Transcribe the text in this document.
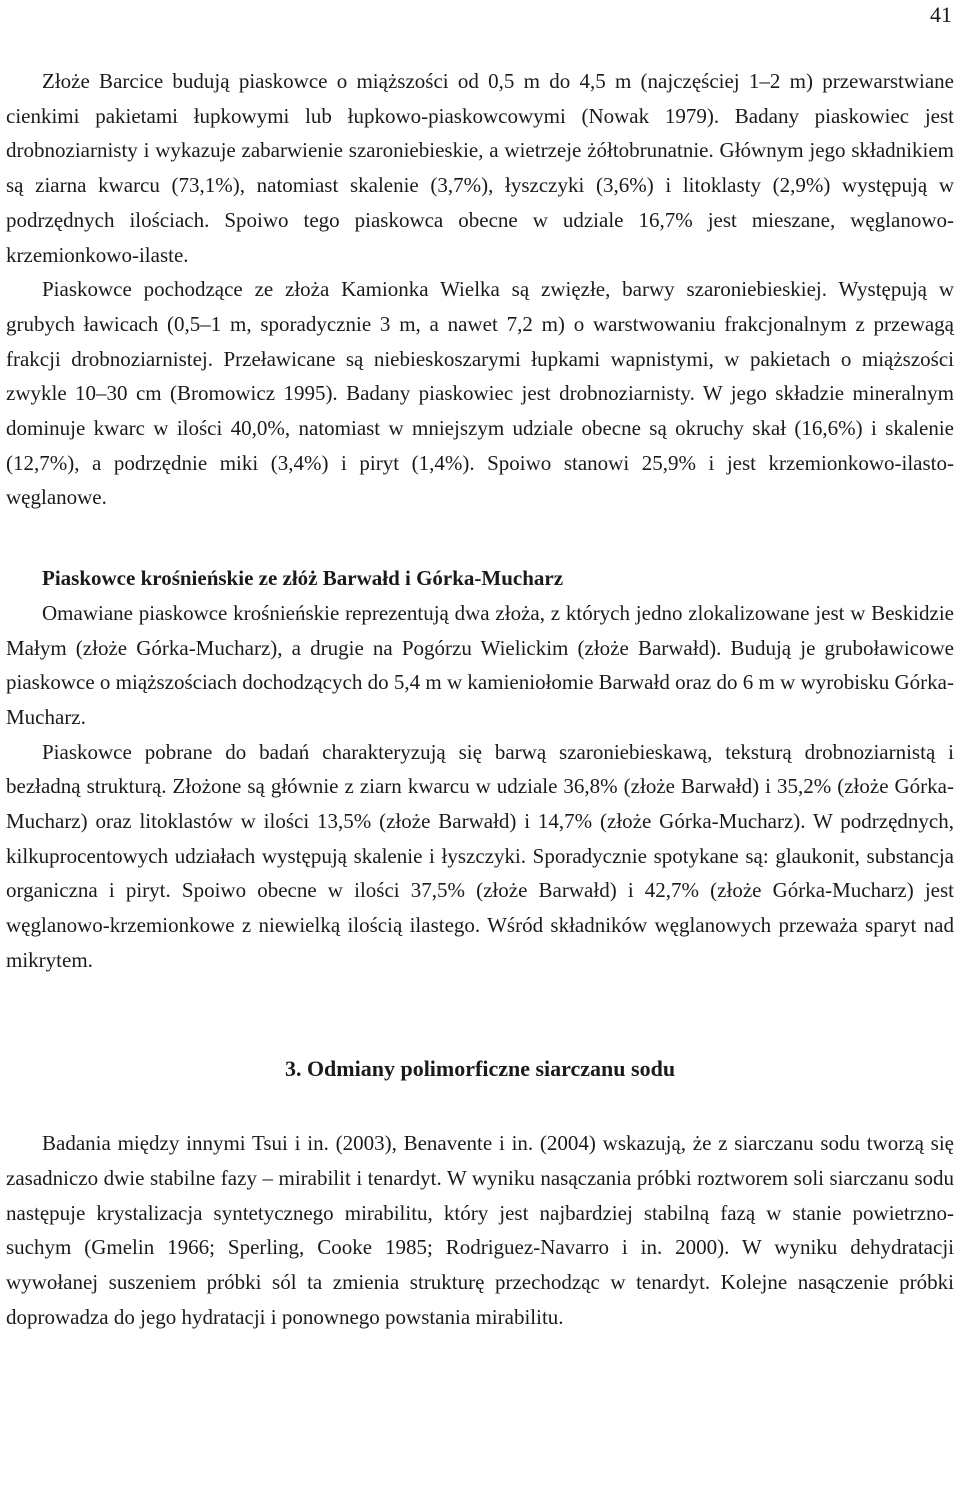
41

Złoże Barcice budują piaskowce o miąższości od 0,5 m do 4,5 m (najczęściej 1–2 m) przewarstwiane cienkimi pakietami łupkowymi lub łupkowo-piaskowcowymi (Nowak 1979). Badany piaskowiec jest drobnoziarnisty i wykazuje zabarwienie szaroniebieskie, a wietrzeje żółtobrunatnie. Głównym jego składnikiem są ziarna kwarcu (73,1%), natomiast skalenie (3,7%), łyszczyki (3,6%) i litoklasty (2,9%) występują w podrzędnych ilościach. Spoiwo tego piaskowca obecne w udziale 16,7% jest mieszane, węglanowo-krzemionkowo-ilaste.

Piaskowce pochodzące ze złoża Kamionka Wielka są zwięzłe, barwy szaroniebieskiej. Występują w grubych ławicach (0,5–1 m, sporadycznie 3 m, a nawet 7,2 m) o warstwowaniu frakcjonalnym z przewagą frakcji drobnoziarnistej. Przeławicane są niebieskoszarymi łupkami wapnistymi, w pakietach o miąższości zwykle 10–30 cm (Bromowicz 1995). Badany piaskowiec jest drobnoziarnisty. W jego składzie mineralnym dominuje kwarc w ilości 40,0%, natomiast w mniejszym udziale obecne są okruchy skał (16,6%) i skalenie (12,7%), a podrzędnie miki (3,4%) i piryt (1,4%). Spoiwo stanowi 25,9% i jest krzemionkowo-ilasto-węglanowe.

Piaskowce krośnieńskie ze złóż Barwałd i Górka-Mucharz

Omawiane piaskowce krośnieńskie reprezentują dwa złoża, z których jedno zlokalizowane jest w Beskidzie Małym (złoże Górka-Mucharz), a drugie na Pogórzu Wielickim (złoże Barwałd). Budują je gruboławicowe piaskowce o miąższościach dochodzących do 5,4 m w kamieniołomie Barwałd oraz do 6 m w wyrobisku Górka-Mucharz.

Piaskowce pobrane do badań charakteryzują się barwą szaroniebieskawą, teksturą drobnoziarnistą i bezładną strukturą. Złożone są głównie z ziarn kwarcu w udziale 36,8% (złoże Barwałd) i 35,2% (złoże Górka-Mucharz) oraz litoklastów w ilości 13,5% (złoże Barwałd) i 14,7% (złoże Górka-Mucharz). W podrzędnych, kilkuprocentowych udziałach występują skalenie i łyszczyki. Sporadycznie spotykane są: glaukonit, substancja organiczna i piryt. Spoiwo obecne w ilości 37,5% (złoże Barwałd) i 42,7% (złoże Górka-Mucharz) jest węglanowo-krzemionkowe z niewielką ilością ilastego. Wśród składników węglanowych przeważa sparyt nad mikrytem.

3. Odmiany polimorficzne siarczanu sodu

Badania między innymi Tsui i in. (2003), Benavente i in. (2004) wskazują, że z siarczanu sodu tworzą się zasadniczo dwie stabilne fazy – mirabilit i tenardyt. W wyniku nasączania próbki roztworem soli siarczanu sodu następuje krystalizacja syntetycznego mirabilitu, który jest najbardziej stabilną fazą w stanie powietrzno-suchym (Gmelin 1966; Sperling, Cooke 1985; Rodriguez-Navarro i in. 2000). W wyniku dehydratacji wywołanej suszeniem próbki sól ta zmienia strukturę przechodząc w tenardyt. Kolejne nasączenie próbki doprowadza do jego hydratacji i ponownego powstania mirabilitu.
